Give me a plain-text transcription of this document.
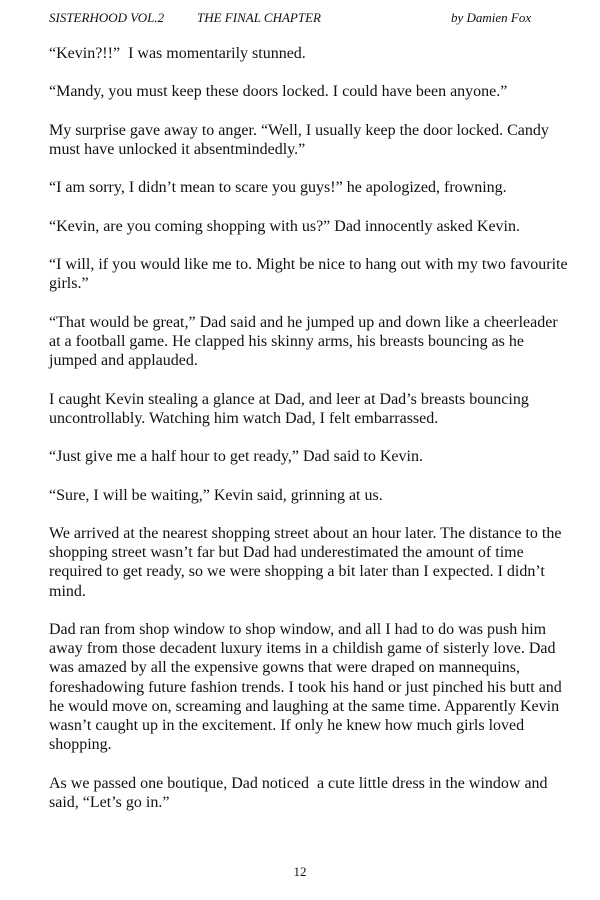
SISTERHOOD VOL.2	THE FINAL CHAPTER	by Damien Fox

“Kevin?!!”  I was momentarily stunned.

“Mandy, you must keep these doors locked. I could have been anyone.”

My surprise gave away to anger. “Well, I usually keep the door locked. Candy must have unlocked it absentmindedly.”

“I am sorry, I didn’t mean to scare you guys!” he apologized, frowning.

“Kevin, are you coming shopping with us?” Dad innocently asked Kevin.

“I will, if you would like me to. Might be nice to hang out with my two favourite girls.”

“That would be great,” Dad said and he jumped up and down like a cheerleader at a football game. He clapped his skinny arms, his breasts bouncing as he jumped and applauded.

I caught Kevin stealing a glance at Dad, and leer at Dad’s breasts bouncing uncontrollably. Watching him watch Dad, I felt embarrassed.

“Just give me a half hour to get ready,” Dad said to Kevin.

“Sure, I will be waiting,” Kevin said, grinning at us.

We arrived at the nearest shopping street about an hour later. The distance to the shopping street wasn’t far but Dad had underestimated the amount of time required to get ready, so we were shopping a bit later than I expected. I didn’t mind.

Dad ran from shop window to shop window, and all I had to do was push him away from those decadent luxury items in a childish game of sisterly love. Dad was amazed by all the expensive gowns that were draped on mannequins, foreshadowing future fashion trends. I took his hand or just pinched his butt and he would move on, screaming and laughing at the same time. Apparently Kevin wasn’t caught up in the excitement. If only he knew how much girls loved shopping.

As we passed one boutique, Dad noticed  a cute little dress in the window and said, “Let’s go in.”

12
